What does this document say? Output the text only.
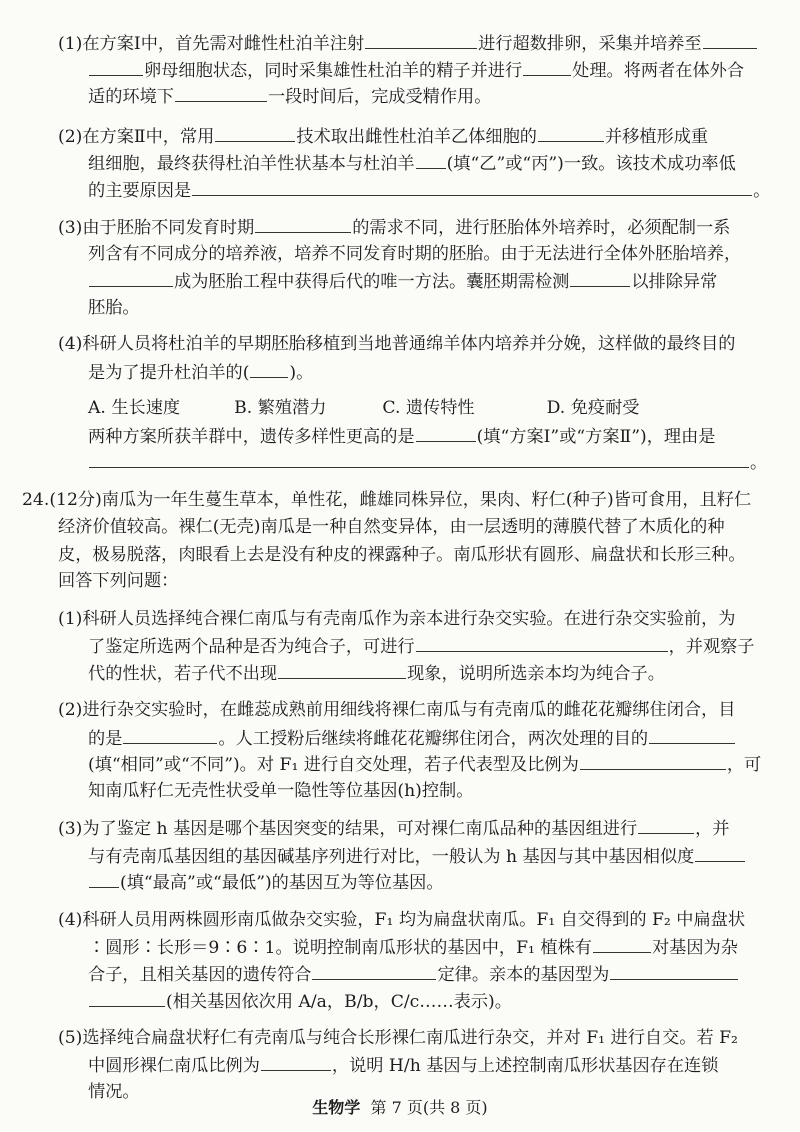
(1)在方案Ⅰ中，首先需对雌性杜泊羊注射	进行超数排卵，采集并培养至
卵母细胞状态，同时采集雄性杜泊羊的精子并进行	处理。将两者在体外合
适的环境下	一段时间后，完成受精作用。
(2)在方案Ⅱ中，常用	技术取出雌性杜泊羊乙体细胞的	并移植形成重
组细胞，最终获得杜泊羊性状基本与杜泊羊 (填“乙”或“丙”)一致。该技术成功率低
的主要原因是	。
(3)由于胚胎不同发育时期	的需求不同，进行胚胎体外培养时，必须配制一系
列含有不同成分的培养液，培养不同发育时期的胚胎。由于无法进行全体外胚胎培养，
成为胚胎工程中获得后代的唯一方法。囊胚期需检测	以排除异常
胚胎。
(4)科研人员将杜泊羊的早期胚胎移植到当地普通绵羊体内培养并分娩，这样做的最终目的
是为了提升杜泊羊的( )。
A. 生长速度	B. 繁殖潜力	C. 遗传特性	D. 免疫耐受
两种方案所获羊群中，遗传多样性更高的是	(填“方案Ⅰ”或“方案Ⅱ”)，理由是
。
24.(12分)南瓜为一年生蔓生草本，单性花，雌雄同株异位，果肉、籽仁(种子)皆可食用，且籽仁
经济价值较高。裸仁(无壳)南瓜是一种自然变异体，由一层透明的薄膜代替了木质化的种
皮，极易脱落，肉眼看上去是没有种皮的裸露种子。南瓜形状有圆形、扁盘状和长形三种。
回答下列问题：
(1)科研人员选择纯合裸仁南瓜与有壳南瓜作为亲本进行杂交实验。在进行杂交实验前，为
了鉴定所选两个品种是否为纯合子，可进行	，并观察子
代的性状，若子代不出现	现象，说明所选亲本均为纯合子。
(2)进行杂交实验时，在雌蕊成熟前用细线将裸仁南瓜与有壳南瓜的雌花花瓣绑住闭合，目
的是	。人工授粉后继续将雌花花瓣绑住闭合，两次处理的目的
(填“相同”或“不同”)。对 F₁ 进行自交处理，若子代表型及比例为	，可
知南瓜籽仁无壳性状受单一隐性等位基因(h)控制。
(3)为了鉴定 h 基因是哪个基因突变的结果，可对裸仁南瓜品种的基因组进行	，并
与有壳南瓜基因组的基因碱基序列进行对比，一般认为 h 基因与其中基因相似度
(填“最高”或“最低”)的基因互为等位基因。
(4)科研人员用两株圆形南瓜做杂交实验，F₁ 均为扁盘状南瓜。F₁ 自交得到的 F₂ 中扁盘状
∶圆形∶长形＝9∶6∶1。说明控制南瓜形状的基因中，F₁ 植株有	对基因为杂
合子，且相关基因的遗传符合	定律。亲本的基因型为
(相关基因依次用 A/a，B/b，C/c……表示)。
(5)选择纯合扁盘状籽仁有壳南瓜与纯合长形裸仁南瓜进行杂交，并对 F₁ 进行自交。若 F₂
中圆形裸仁南瓜比例为	，说明 H/h 基因与上述控制南瓜形状基因存在连锁
情况。
生物学 第 7 页(共 8 页)
